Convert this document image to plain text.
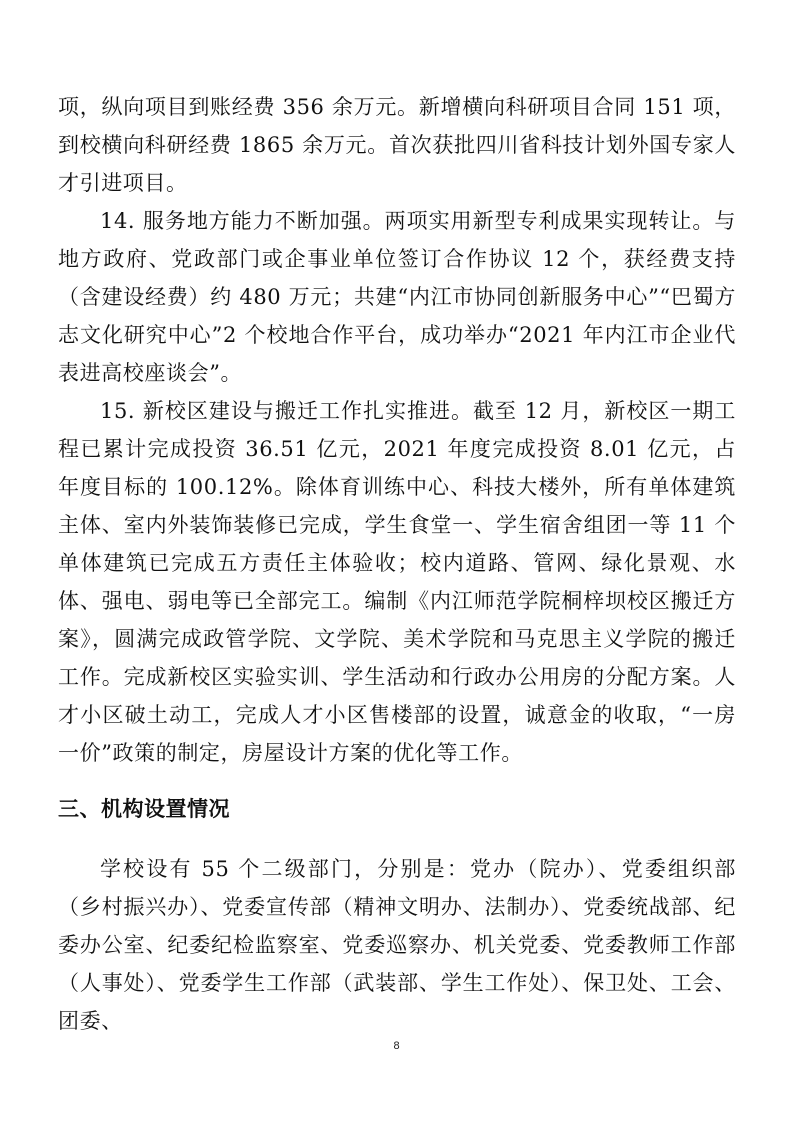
项，纵向项目到账经费 356 余万元。新增横向科研项目合同 151 项，到校横向科研经费 1865 余万元。首次获批四川省科技计划外国专家人才引进项目。

14. 服务地方能力不断加强。两项实用新型专利成果实现转让。与地方政府、党政部门或企事业单位签订合作协议 12 个，获经费支持（含建设经费）约 480 万元；共建“内江市协同创新服务中心”“巴蜀方志文化研究中心”2 个校地合作平台，成功举办“2021 年内江市企业代表进高校座谈会”。

15. 新校区建设与搬迁工作扎实推进。截至 12 月，新校区一期工程已累计完成投资 36.51 亿元，2021 年度完成投资 8.01 亿元，占年度目标的 100.12%。除体育训练中心、科技大楼外，所有单体建筑主体、室内外装饰装修已完成，学生食堂一、学生宿舍组团一等 11 个单体建筑已完成五方责任主体验收；校内道路、管网、绿化景观、水体、强电、弱电等已全部完工。编制《内江师范学院桐梓坝校区搬迁方案》，圆满完成政管学院、文学院、美术学院和马克思主义学院的搬迁工作。完成新校区实验实训、学生活动和行政办公用房的分配方案。人才小区破土动工，完成人才小区售楼部的设置，诚意金的收取，“一房一价”政策的制定，房屋设计方案的优化等工作。

三、机构设置情况

学校设有 55 个二级部门，分别是：党办（院办）、党委组织部（乡村振兴办）、党委宣传部（精神文明办、法制办）、党委统战部、纪委办公室、纪委纪检监察室、党委巡察办、机关党委、党委教师工作部（人事处）、党委学生工作部（武装部、学生工作处）、保卫处、工会、团委、

8
